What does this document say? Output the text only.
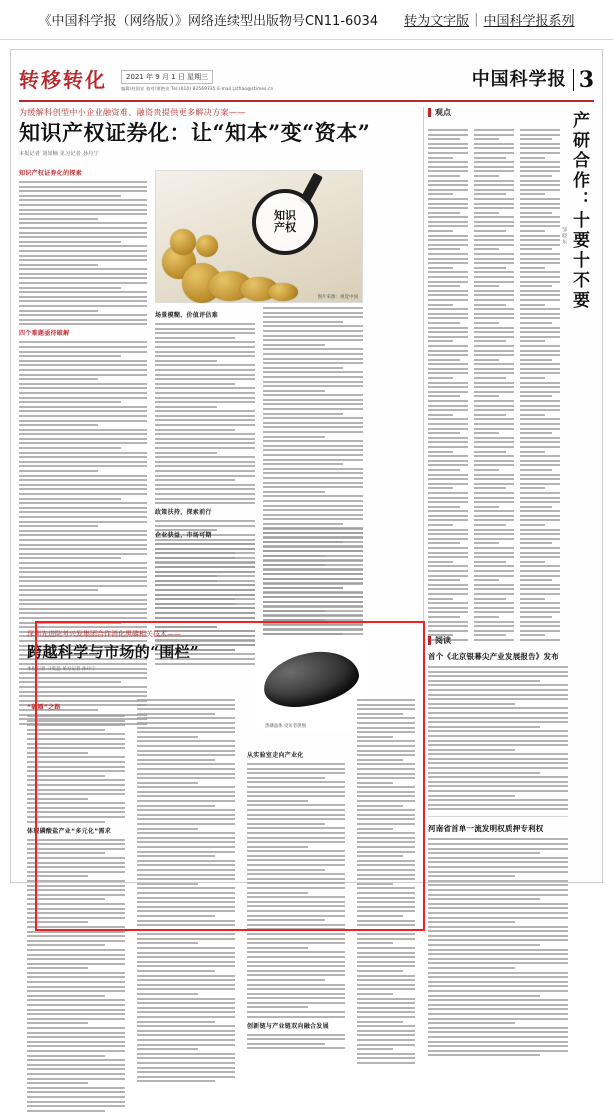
《中国科学报（网络版）》网络连续型出版物号CN11-6034 转为文字版 | 中国科学报系列
转移转化	2021 年 9 月 1 日 星期三
编辑/柱国安 校对/贾艳亮 Tel:(010) 82569735 E-mail:jzthao@stimes.cn	中国科学报 3
为缓解科创型中小企业融资难、融资贵提供更多解决方案——
知识产权证券化：让“知本”变“资本”
本报记者 刘如楠 见习记者 孙丹宁
知识
产权
图片来源：视觉中国
知识产权证券化的探索
四个难题亟待破解
场景模糊、价值评估难
政策扶持，探索前行
企业获益，市场可期
深圳先进院考兴发集团合作消化黑磷相关技术——
跨越科学与市场的“围栏”
本报记者 刁雯蕊 见习记者 孙丹宁
黑磷晶体 受访者供图
“破圈”之路
体现磷酸盐产业“多元化”需求
从实验室走向产业化
创新链与产业链双向融合发展
观点	产研合作：十要十不要
邹晓东
阅读
首个《北京银幕尖产业发展报告》发布
河南省首单一流发明权质押专利权
